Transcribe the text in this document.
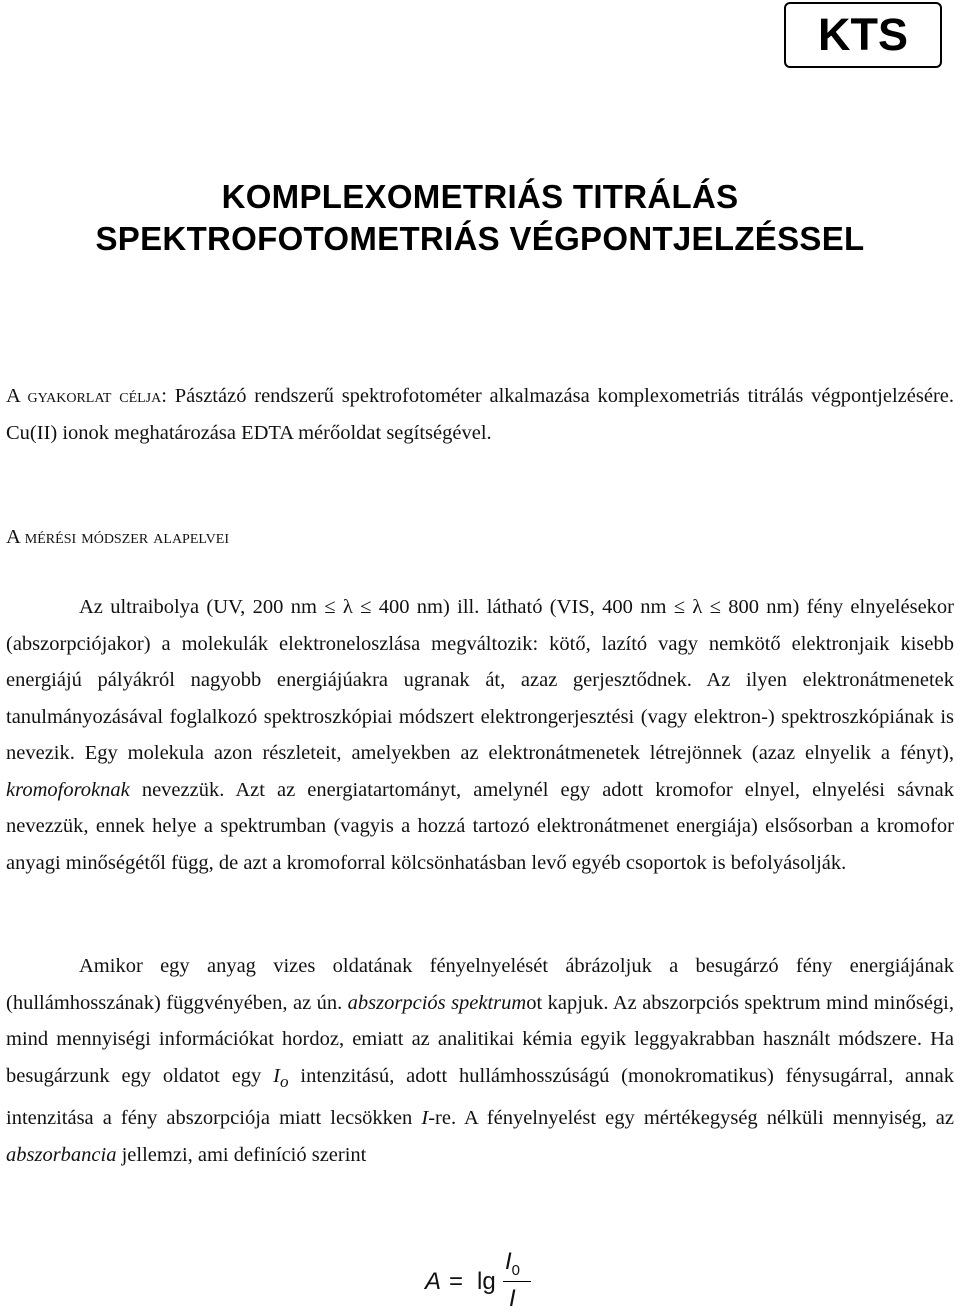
KTS
KOMPLEXOMETRIÁS TITRÁLÁS
SPEKTROFOTOMETRIÁS VÉGPONTJELZÉSSEL
A gyakorlat célja: Pásztázó rendszerű spektrofotométer alkalmazása komplexometriás titrálás végpontjelzésére. Cu(II) ionok meghatározása EDTA mérőoldat segítségével.
A mérési módszer alapelvei
Az ultraibolya (UV, 200 nm ≤ λ ≤ 400 nm) ill. látható (VIS, 400 nm ≤ λ ≤ 800 nm) fény elnyelésekor (abszorpciójakor) a molekulák elektroneloszlása megváltozik: kötő, lazító vagy nemkötő elektronjaik kisebb energiájú pályákról nagyobb energiájúakra ugranak át, azaz gerjesztődnek. Az ilyen elektronátmenetek tanulmányozásával foglalkozó spektroszkópiai módszert elektrongerjesztési (vagy elektron-) spektroszkópiának is nevezik. Egy molekula azon részleteit, amelyekben az elektronátmenetek létrejönnek (azaz elnyelik a fényt), kromoforoknak nevezzük. Azt az energiatartományt, amelynél egy adott kromofor elnyel, elnyelési sávnak nevezzük, ennek helye a spektrumban (vagyis a hozzá tartozó elektronátmenet energiája) elsősorban a kromofor anyagi minőségétől függ, de azt a kromoforral kölcsönhatásban levő egyéb csoportok is befolyásolják.
Amikor egy anyag vizes oldatának fényelnyelését ábrázoljuk a besugárzó fény energiájának (hullámhosszának) függvényében, az ún. abszorpciós spektrumot kapjuk. Az abszorpciós spektrum mind minőségi, mind mennyiségi információkat hordoz, emiatt az analitikai kémia egyik leggyakrabban használt módszere. Ha besugárzunk egy oldatot egy $I_o$ intenzitású, adott hullámhosszúságú (monokromatikus) fénysugárral, annak intenzitása a fény abszorpciója miatt lecsökken I-re. A fényelnyelést egy mértékegység nélküli mennyiség, az abszorbancia jellemzi, ami definíció szerint
A = lg
$I_0$
I
